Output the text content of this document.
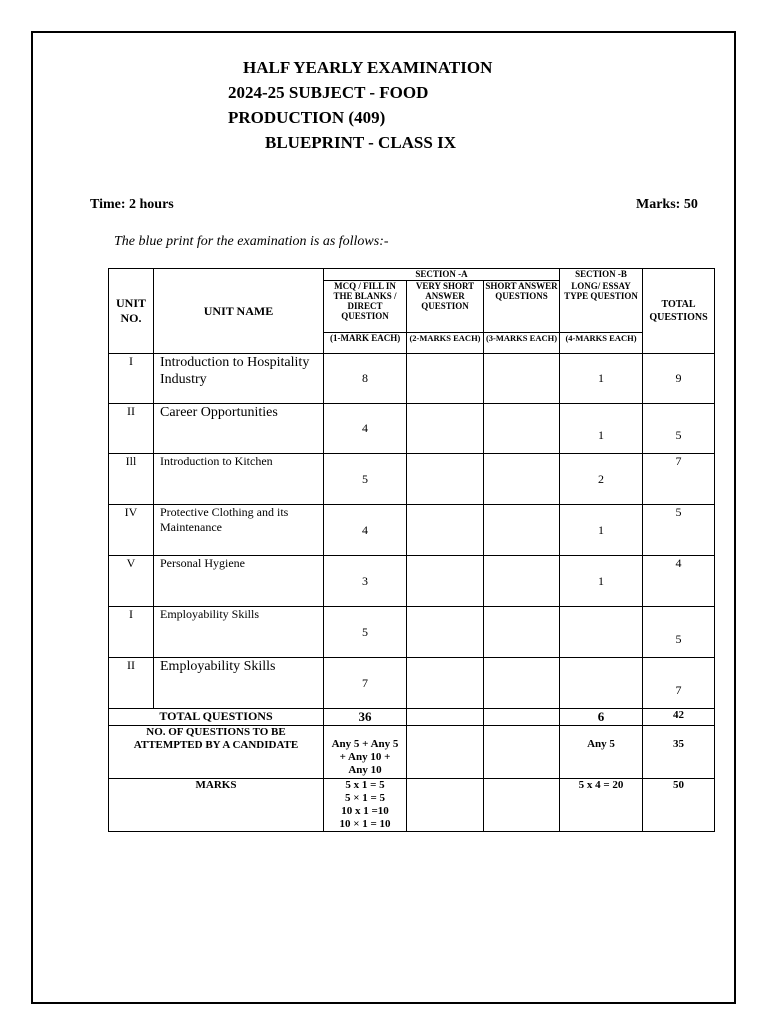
HALF YEARLY EXAMINATION
2024-25 SUBJECT - FOOD
PRODUCTION (409)
BLUEPRINT - CLASS IX
Time: 2 hours	Marks: 50
The blue print for the examination is as follows:-
UNIT NO.	UNIT NAME	SECTION -A			SECTION -B	TOTAL QUESTIONS
		MCQ / FILL IN THE BLANKS / DIRECT QUESTION	VERY SHORT ANSWER QUESTION	SHORT ANSWER QUESTIONS	LONG/ ESSAY TYPE QUESTION	
		(1-MARK EACH)	(2-MARKS EACH)	(3-MARKS EACH)	(4-MARKS EACH)	
I	Introduction to Hospitality Industry	8			1	9
II	Career Opportunities	4			1	5
Ill	Introduction to Kitchen	5			2	7
IV	Protective Clothing and its Maintenance	4			1	5
V	Personal Hygiene	3			1	4
I	Employability Skills	5				5
II	Employability Skills	7				7
TOTAL QUESTIONS		36			6	42
NO. OF QUESTIONS TO BE ATTEMPTED BY A CANDIDATE		Any 5 + Any 5 + Any 10 + Any 10			Any 5	35
MARKS		5 x 1 = 5
5 × 1 = 5
10 x 1 =10
10 × 1 = 10			5 x 4 = 20	50
